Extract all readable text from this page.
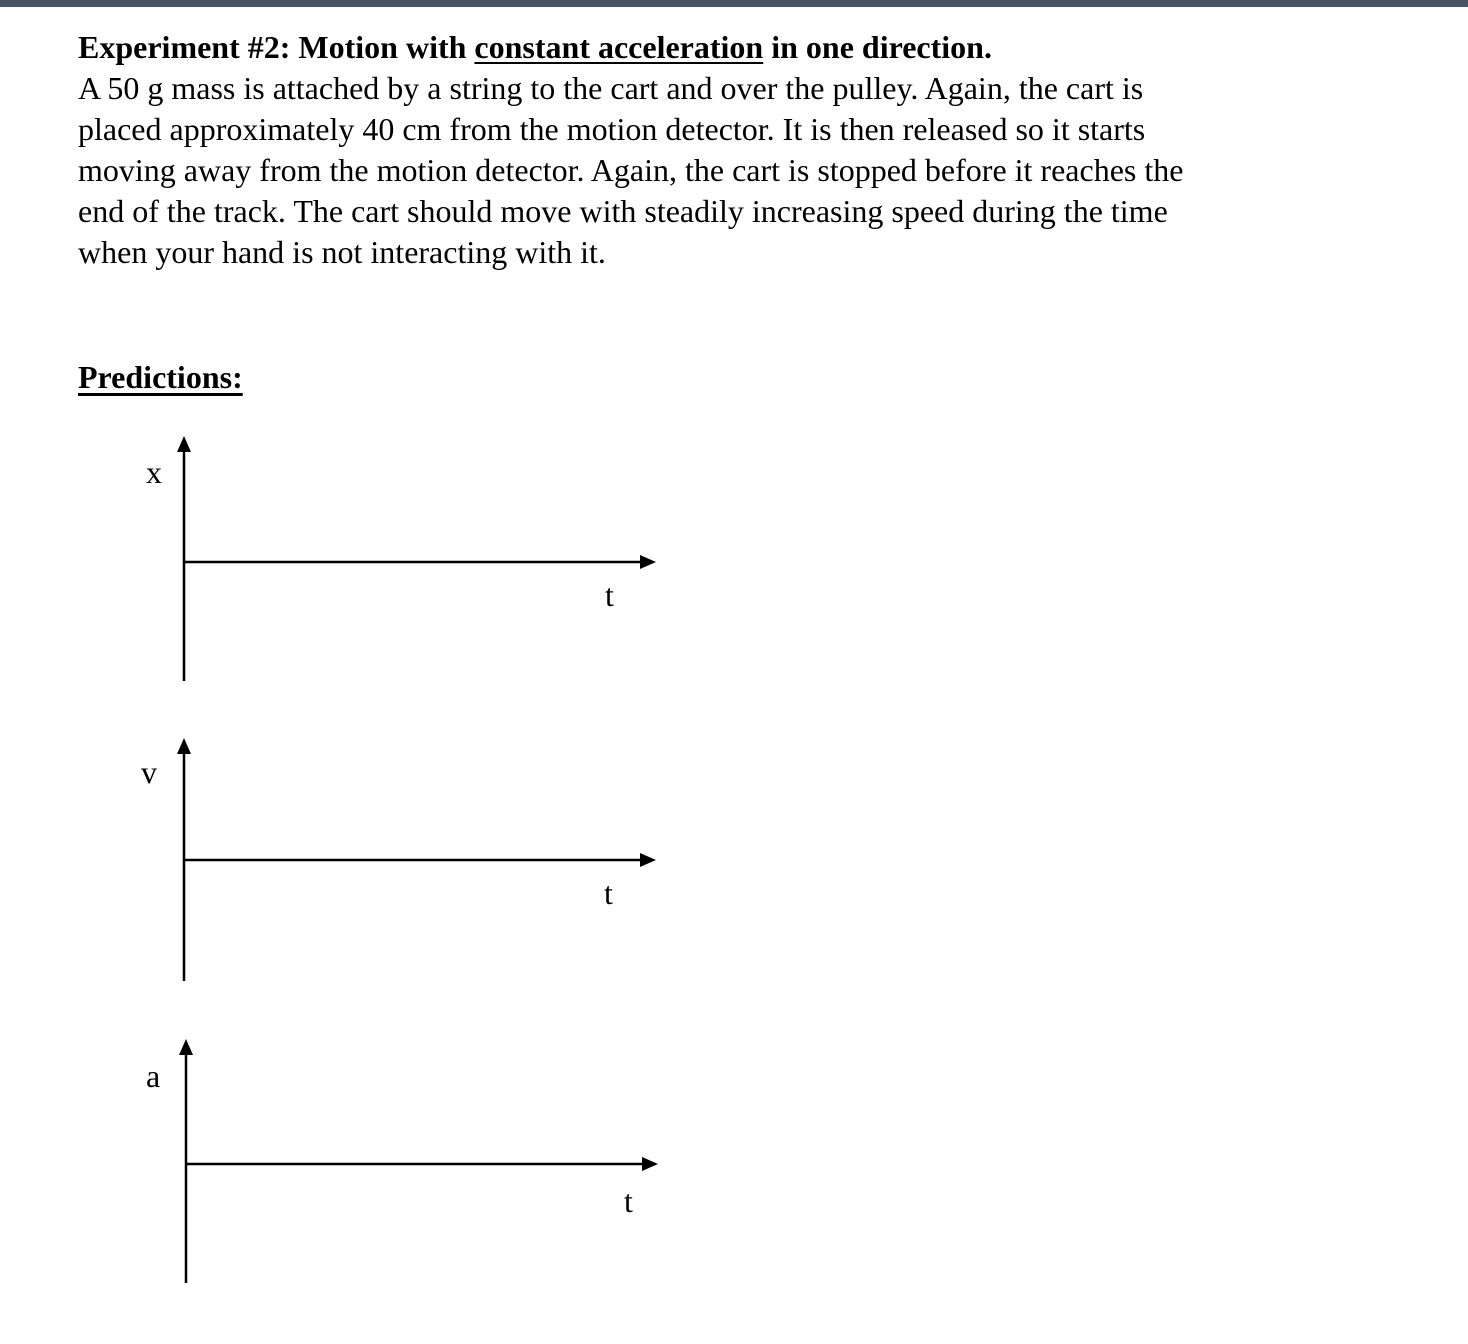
Experiment #2: Motion with constant acceleration in one direction.

A 50 g mass is attached by a string to the cart and over the pulley. Again, the cart is

placed approximately 40 cm from the motion detector. It is then released so it starts

moving away from the motion detector. Again, the cart is stopped before it reaches the

end of the track. The cart should move with steadily increasing speed during the time

when your hand is not interacting with it.

Predictions:
x
t
v
t
a
t
